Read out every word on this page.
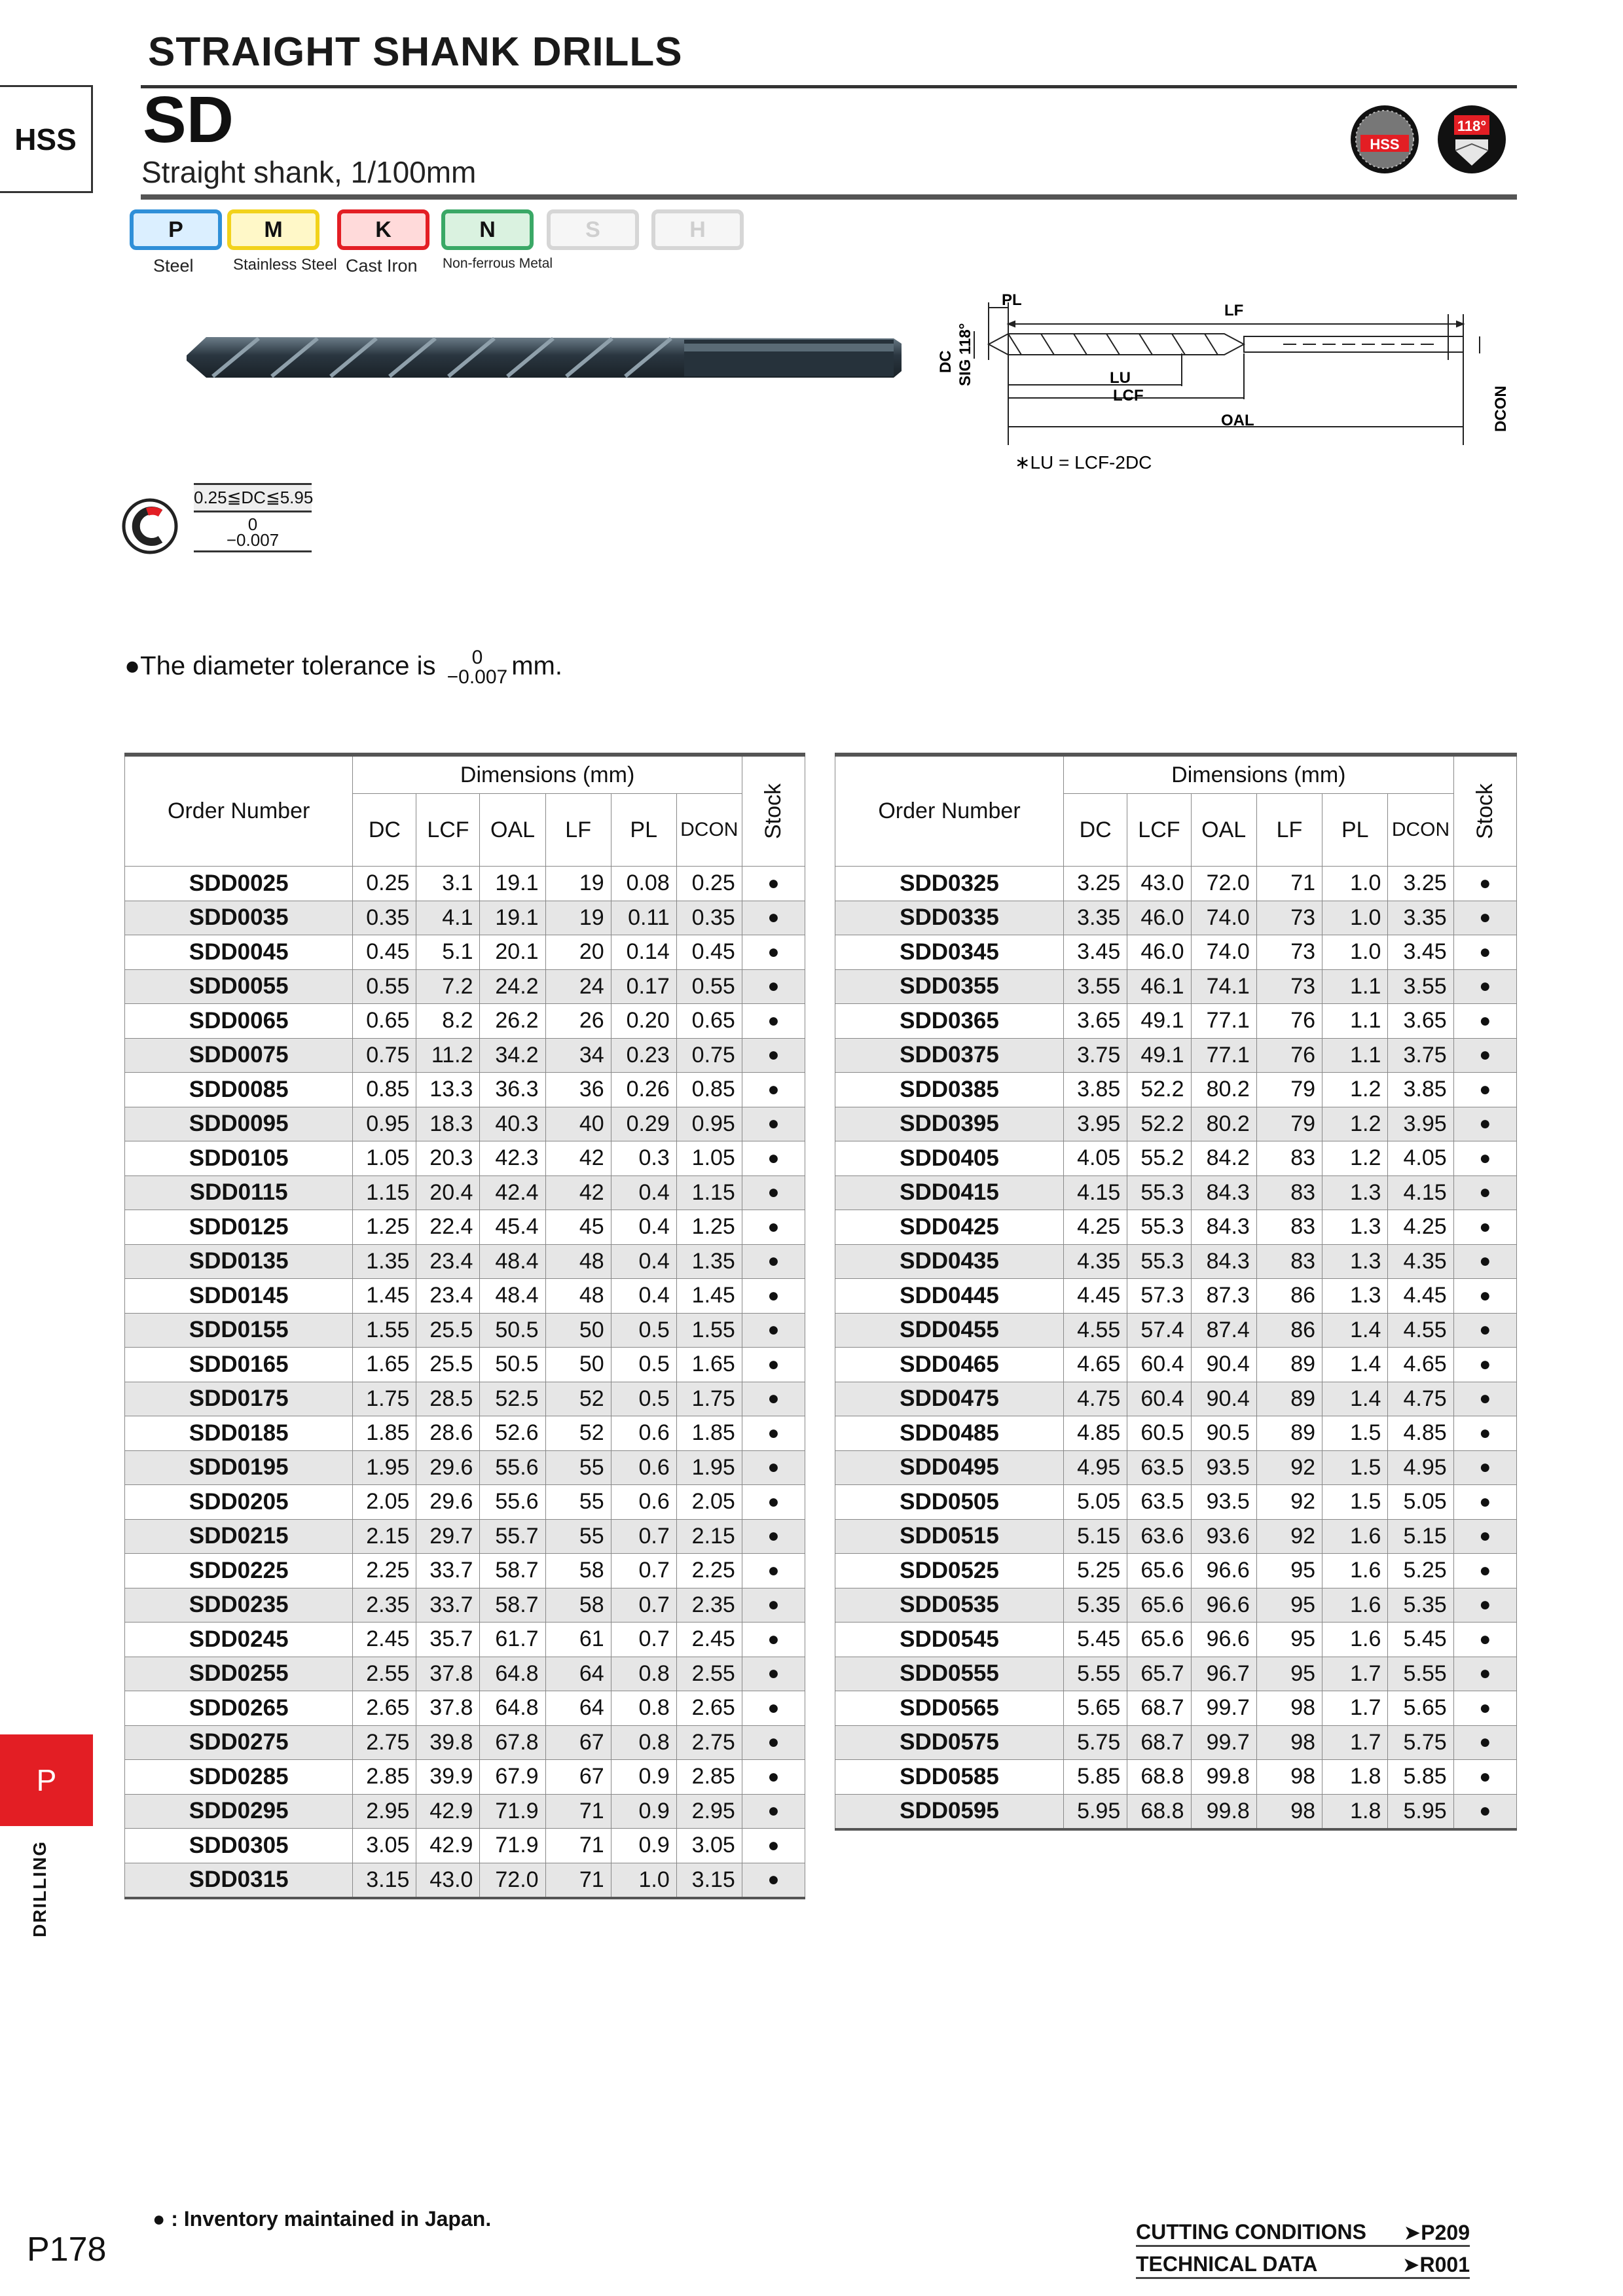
STRAIGHT SHANK DRILLS
HSS SD
Straight shank, 1/100mm
HSS
118°
P	M	K	N	S	H
Steel	Stainless Steel Cast Iron Non-ferrous Metal
PL
LF
LU
LCF
OAL
DC SIG 118°
DCON
∗LU = LCF-2DC
0.25≦DC≦5.95
0
−0.007
●The diameter tolerance is	0
−0.007 mm.
Order Number	Dimensions (mm)						Stock

	DC	LCF	OAL	LF	PL	DCON	
SDD0025	0.25	3.1	19.1	19	0.08	0.25	●
SDD0035	0.35	4.1	19.1	19	0.11	0.35	●
SDD0045	0.45	5.1	20.1	20	0.14	0.45	●
SDD0055	0.55	7.2	24.2	24	0.17	0.55	●
SDD0065	0.65	8.2	26.2	26	0.20	0.65	●
SDD0075	0.75	11.2	34.2	34	0.23	0.75	●
SDD0085	0.85	13.3	36.3	36	0.26	0.85	●
SDD0095	0.95	18.3	40.3	40	0.29	0.95	●
SDD0105	1.05	20.3	42.3	42	0.3	1.05	●
SDD0115	1.15	20.4	42.4	42	0.4	1.15	●
SDD0125	1.25	22.4	45.4	45	0.4	1.25	●
SDD0135	1.35	23.4	48.4	48	0.4	1.35	●
SDD0145	1.45	23.4	48.4	48	0.4	1.45	●
SDD0155	1.55	25.5	50.5	50	0.5	1.55	●
SDD0165	1.65	25.5	50.5	50	0.5	1.65	●
SDD0175	1.75	28.5	52.5	52	0.5	1.75	●
SDD0185	1.85	28.6	52.6	52	0.6	1.85	●
SDD0195	1.95	29.6	55.6	55	0.6	1.95	●
SDD0205	2.05	29.6	55.6	55	0.6	2.05	●
SDD0215	2.15	29.7	55.7	55	0.7	2.15	●
SDD0225	2.25	33.7	58.7	58	0.7	2.25	●
SDD0235	2.35	33.7	58.7	58	0.7	2.35	●
SDD0245	2.45	35.7	61.7	61	0.7	2.45	●
SDD0255	2.55	37.8	64.8	64	0.8	2.55	●
SDD0265	2.65	37.8	64.8	64	0.8	2.65	●
SDD0275	2.75	39.8	67.8	67	0.8	2.75	●
SDD0285	2.85	39.9	67.9	67	0.9	2.85	●
SDD0295	2.95	42.9	71.9	71	0.9	2.95	●
SDD0305	3.05	42.9	71.9	71	0.9	3.05	●
SDD0315	3.15	43.0	72.0	71	1.0	3.15	●
Order Number	Dimensions (mm)						Stock

	DC	LCF	OAL	LF	PL	DCON	
SDD0325	3.25	43.0	72.0	71	1.0	3.25	●
SDD0335	3.35	46.0	74.0	73	1.0	3.35	●
SDD0345	3.45	46.0	74.0	73	1.0	3.45	●
SDD0355	3.55	46.1	74.1	73	1.1	3.55	●
SDD0365	3.65	49.1	77.1	76	1.1	3.65	●
SDD0375	3.75	49.1	77.1	76	1.1	3.75	●
SDD0385	3.85	52.2	80.2	79	1.2	3.85	●
SDD0395	3.95	52.2	80.2	79	1.2	3.95	●
SDD0405	4.05	55.2	84.2	83	1.2	4.05	●
SDD0415	4.15	55.3	84.3	83	1.3	4.15	●
SDD0425	4.25	55.3	84.3	83	1.3	4.25	●
SDD0435	4.35	55.3	84.3	83	1.3	4.35	●
SDD0445	4.45	57.3	87.3	86	1.3	4.45	●
SDD0455	4.55	57.4	87.4	86	1.4	4.55	●
SDD0465	4.65	60.4	90.4	89	1.4	4.65	●
SDD0475	4.75	60.4	90.4	89	1.4	4.75	●
SDD0485	4.85	60.5	90.5	89	1.5	4.85	●
SDD0495	4.95	63.5	93.5	92	1.5	4.95	●
SDD0505	5.05	63.5	93.5	92	1.5	5.05	●
SDD0515	5.15	63.6	93.6	92	1.6	5.15	●
SDD0525	5.25	65.6	96.6	95	1.6	5.25	●
SDD0535	5.35	65.6	96.6	95	1.6	5.35	●
SDD0545	5.45	65.6	96.6	95	1.6	5.45	●
SDD0555	5.55	65.7	96.7	95	1.7	5.55	●
SDD0565	5.65	68.7	99.7	98	1.7	5.65	●
SDD0575	5.75	68.7	99.7	98	1.7	5.75	●
SDD0585	5.85	68.8	99.8	98	1.8	5.85	●
SDD0595	5.95	68.8	99.8	98	1.8	5.95	●
P
DRILLING
● : Inventory maintained in Japan.
P178	CUTTING CONDITIONS ➤P209
TECHNICAL DATA	➤R001
